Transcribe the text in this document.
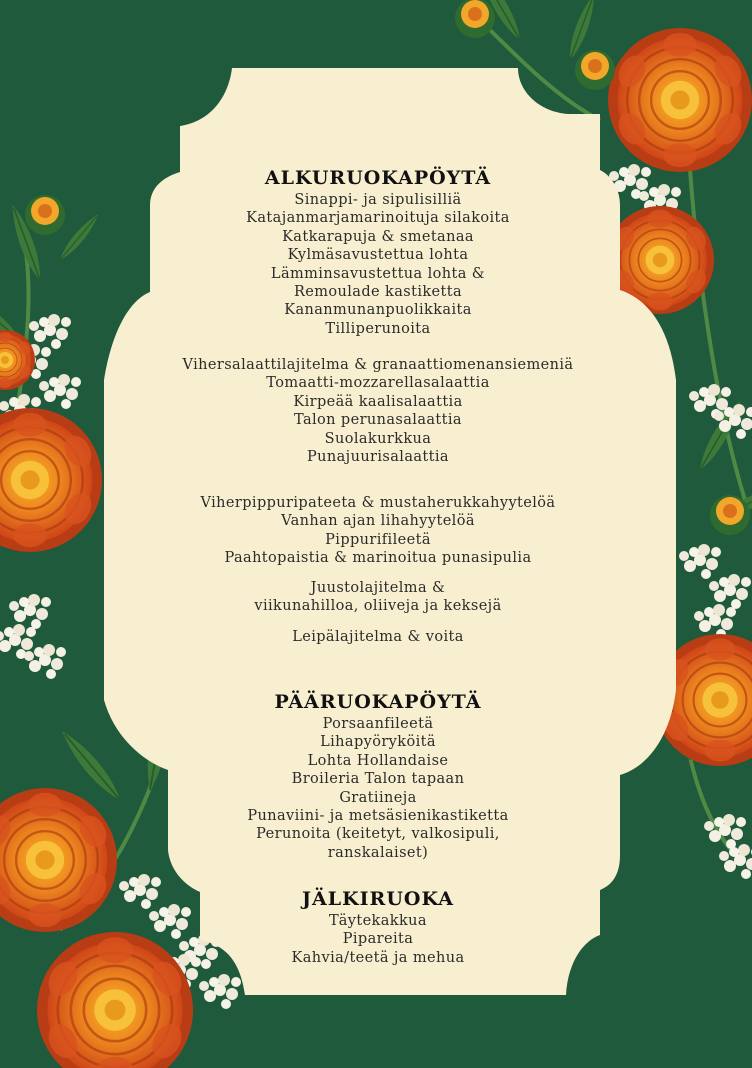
ALKURUOKAPÖYTÄ
Sinappi- ja sipulisilliä
Katajanmarjamarinoituja silakoita
Katkarapuja & smetanaa
Kylmäsavustettua lohta
Lämminsavustettua lohta &
Remoulade kastiketta
Kananmunanpuolikkaita
Tilliperunoita
Vihersalaattilajitelma & granaattiomenansiemeniä
Tomaatti-mozzarellasalaattia
Kirpeää kaalisalaattia
Talon perunasalaattia
Suolakurkkua
Punajuurisalaattia
Viherpippuripateeta & mustaherukkahyytelöä
Vanhan ajan lihahyytelöä
Pippurifileetä
Paahtopaistia & marinoitua punasipulia
Juustolajitelma &
viikunahilloa, oliiveja ja keksejä
Leipälajitelma & voita
PÄÄRUOKAPÖYTÄ
Porsaanfileetä
Lihapyöryköitä
Lohta Hollandaise
Broileria Talon tapaan
Gratiineja
Punaviini- ja metsäsienikastiketta
Perunoita (keitetyt, valkosipuli,
ranskalaiset)
JÄLKIRUOKA
Täytekakkua
Pipareita
Kahvia/teetä ja mehua
